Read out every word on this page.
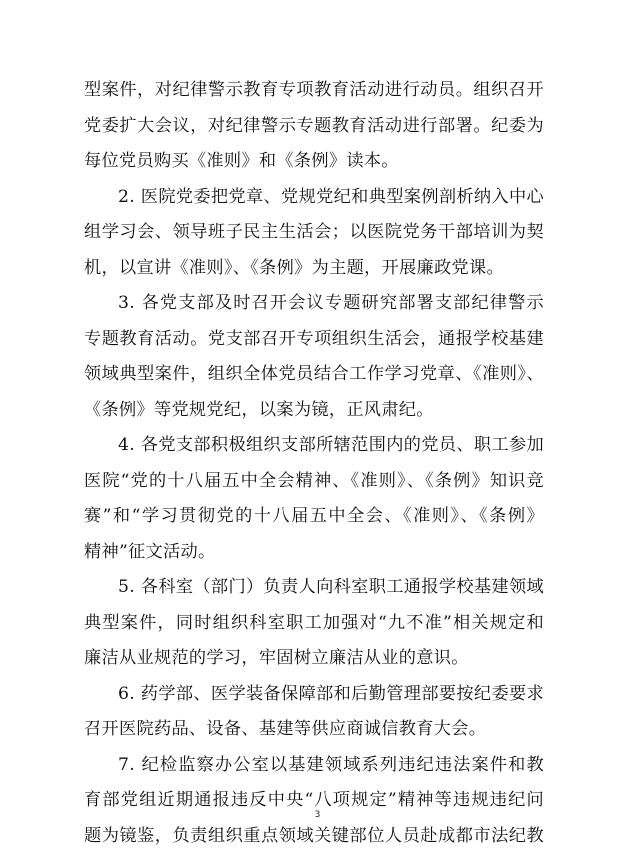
型案件，对纪律警示教育专项教育活动进行动员。组织召开
党委扩大会议，对纪律警示专题教育活动进行部署。纪委为
每位党员购买《准则》和《条例》读本。
2. 医院党委把党章、党规党纪和典型案例剖析纳入中心
组学习会、领导班子民主生活会；以医院党务干部培训为契
机，以宣讲《准则》、《条例》为主题，开展廉政党课。
3. 各党支部及时召开会议专题研究部署支部纪律警示
专题教育活动。党支部召开专项组织生活会，通报学校基建
领域典型案件，组织全体党员结合工作学习党章、《准则》、
《条例》等党规党纪，以案为镜，正风肃纪。
4. 各党支部积极组织支部所辖范围内的党员、职工参加
医院“党的十八届五中全会精神、《准则》、《条例》知识竞
赛”和“学习贯彻党的十八届五中全会、《准则》、《条例》
精神”征文活动。
5. 各科室（部门）负责人向科室职工通报学校基建领域
典型案件，同时组织科室职工加强对“九不准”相关规定和
廉洁从业规范的学习，牢固树立廉洁从业的意识。
6. 药学部、医学装备保障部和后勤管理部要按纪委要求
召开医院药品、设备、基建等供应商诚信教育大会。
7. 纪检监察办公室以基建领域系列违纪违法案件和教
育部党组近期通报违反中央“八项规定”精神等违规违纪问
题为镜鉴，负责组织重点领域关键部位人员赴成都市法纪教
3
